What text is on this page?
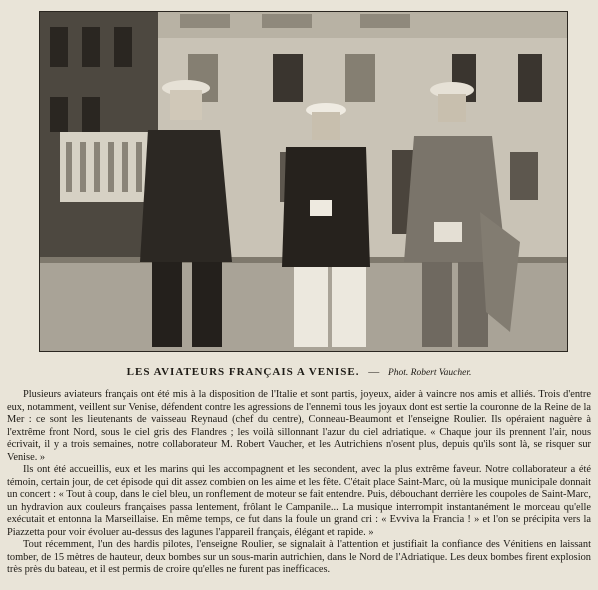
LES AVIATEURS FRANÇAIS A VENISE. — Phot. Robert Vaucher.

Plusieurs aviateurs français ont été mis à la disposition de l'Italie et sont partis, joyeux, aider à vaincre nos amis et alliés. Trois d'entre eux, notamment, veillent sur Venise, défendent contre les agressions de l'ennemi tous les joyaux dont est sertie la couronne de la Reine de la Mer : ce sont les lieutenants de vaisseau Reynaud (chef du centre), Conneau-Beaumont et l'enseigne Roulier. Ils opéraient naguère à l'extrême front Nord, sous le ciel gris des Flandres ; les voilà sillonnant l'azur du ciel adriatique. « Chaque jour ils prennent l'air, nous écrivait, il y a trois semaines, notre collaborateur M. Robert Vaucher, et les Autrichiens n'osent plus, depuis qu'ils sont là, se risquer sur Venise. »

Ils ont été accueillis, eux et les marins qui les accompagnent et les secondent, avec la plus extrême faveur. Notre collaborateur a été témoin, certain jour, de cet épisode qui dit assez combien on les aime et les fête. C'était place Saint-Marc, où la musique municipale donnait un concert : « Tout à coup, dans le ciel bleu, un ronflement de moteur se fait entendre. Puis, débouchant derrière les coupoles de Saint-Marc, un hydravion aux couleurs françaises passa lentement, frôlant le Campanile... La musique interrompit instantanément le morceau qu'elle exécutait et entonna la Marseillaise. En même temps, ce fut dans la foule un grand cri : « Evviva la Francia ! » et l'on se précipita vers la Piazzetta pour voir évoluer au-dessus des lagunes l'appareil français, élégant et rapide. »

Tout récemment, l'un des hardis pilotes, l'enseigne Roulier, se signalait à l'attention et justifiait la confiance des Vénitiens en laissant tomber, de 15 mètres de hauteur, deux bombes sur un sous-marin autrichien, dans le Nord de l'Adriatique. Les deux bombes firent explosion très près du bateau, et il est permis de croire qu'elles ne furent pas inefficaces.
